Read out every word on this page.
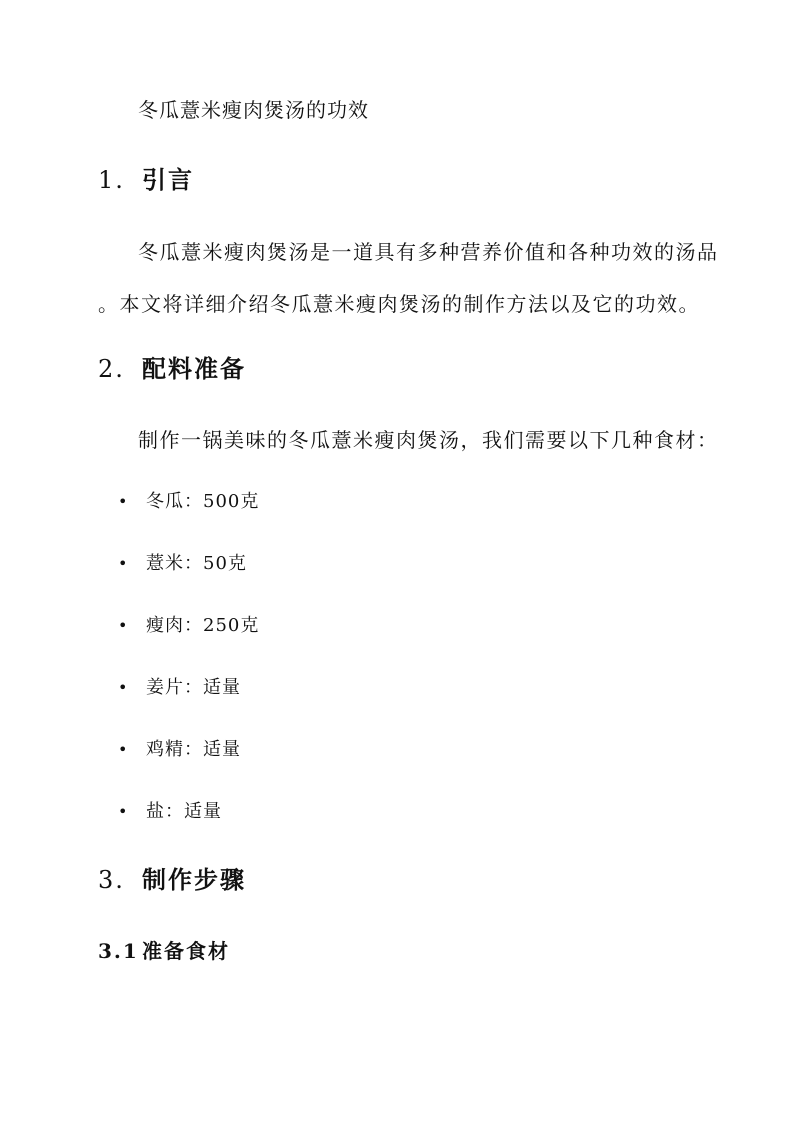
冬瓜薏米瘦肉煲汤的功效
1. 引言
冬瓜薏米瘦肉煲汤是一道具有多种营养价值和各种功效的汤品
。本文将详细介绍冬瓜薏米瘦肉煲汤的制作方法以及它的功效。
2. 配料准备
制作一锅美味的冬瓜薏米瘦肉煲汤，我们需要以下几种食材：
• 冬瓜：500克
• 薏米：50克
• 瘦肉：250克
• 姜片：适量
• 鸡精：适量
• 盐：适量
3. 制作步骤
3.1 准备食材
